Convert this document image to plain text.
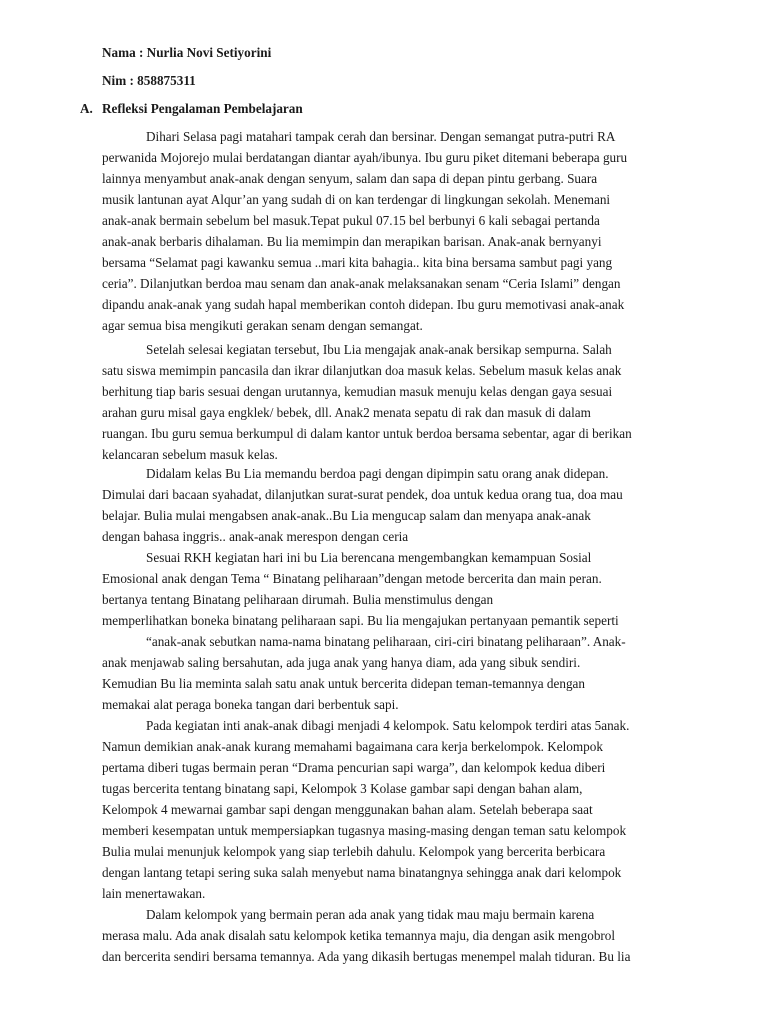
Nama : Nurlia Novi Setiyorini

Nim : 858875311

A. Refleksi Pengalaman Pembelajaran

Dihari Selasa pagi matahari tampak cerah dan bersinar. Dengan semangat putra-putri RA

perwanida Mojorejo mulai berdatangan diantar ayah/ibunya. Ibu guru piket ditemani beberapa guru

lainnya menyambut anak-anak dengan senyum, salam dan sapa di depan pintu gerbang. Suara

musik lantunan ayat Alqur’an yang sudah di on kan terdengar di lingkungan sekolah. Menemani

anak-anak bermain sebelum bel masuk.Tepat pukul 07.15 bel berbunyi 6 kali sebagai pertanda

anak-anak berbaris dihalaman. Bu lia memimpin dan merapikan barisan. Anak-anak bernyanyi

bersama “Selamat pagi kawanku semua ..mari kita bahagia.. kita bina bersama sambut pagi yang

ceria”. Dilanjutkan berdoa mau senam dan anak-anak melaksanakan senam “Ceria Islami” dengan

dipandu anak-anak yang sudah hapal memberikan contoh didepan. Ibu guru memotivasi anak-anak

agar semua bisa mengikuti gerakan senam dengan semangat.

Setelah selesai kegiatan tersebut, Ibu Lia mengajak anak-anak bersikap sempurna. Salah

satu siswa memimpin pancasila dan ikrar dilanjutkan doa masuk kelas. Sebelum masuk kelas anak

berhitung tiap baris sesuai dengan urutannya, kemudian masuk menuju kelas dengan gaya sesuai

arahan guru misal gaya engklek/ bebek, dll. Anak2 menata sepatu di rak dan masuk di dalam

ruangan. Ibu guru semua berkumpul di dalam kantor untuk berdoa bersama sebentar, agar di berikan

kelancaran sebelum masuk kelas.

Didalam kelas Bu Lia memandu berdoa pagi dengan dipimpin satu orang anak didepan.

Dimulai dari bacaan syahadat, dilanjutkan surat-surat pendek, doa untuk kedua orang tua, doa mau

belajar. Bulia mulai mengabsen anak-anak..Bu Lia mengucap salam dan menyapa anak-anak

dengan bahasa inggris.. anak-anak merespon dengan ceria

Sesuai RKH kegiatan hari ini bu Lia berencana mengembangkan kemampuan Sosial

Emosional anak dengan Tema “ Binatang peliharaan”dengan metode bercerita dan main peran.

bertanya tentang Binatang peliharaan dirumah. Bulia menstimulus dengan

memperlihatkan boneka binatang peliharaan sapi. Bu lia mengajukan pertanyaan pemantik seperti

“anak-anak sebutkan nama-nama binatang peliharaan, ciri-ciri binatang peliharaan”. Anak-

anak menjawab saling bersahutan, ada juga anak yang hanya diam, ada yang sibuk sendiri.

Kemudian Bu lia meminta salah satu anak untuk bercerita didepan teman-temannya dengan

memakai alat peraga boneka tangan dari berbentuk sapi.

Pada kegiatan inti anak-anak dibagi menjadi 4 kelompok. Satu kelompok terdiri atas 5anak.

Namun demikian anak-anak kurang memahami bagaimana cara kerja berkelompok. Kelompok

pertama diberi tugas bermain peran “Drama pencurian sapi warga”, dan kelompok kedua diberi

tugas bercerita tentang binatang sapi, Kelompok 3 Kolase gambar sapi dengan bahan alam,

Kelompok 4 mewarnai gambar sapi dengan menggunakan bahan alam. Setelah beberapa saat

memberi kesempatan untuk mempersiapkan tugasnya masing-masing dengan teman satu kelompok

Bulia mulai menunjuk kelompok yang siap terlebih dahulu. Kelompok yang bercerita berbicara

dengan lantang tetapi sering suka salah menyebut nama binatangnya sehingga anak dari kelompok

lain menertawakan.

Dalam kelompok yang bermain peran ada anak yang tidak mau maju bermain karena

merasa malu. Ada anak disalah satu kelompok ketika temannya maju, dia dengan asik mengobrol

dan bercerita sendiri bersama temannya. Ada yang dikasih bertugas menempel malah tiduran. Bu lia
